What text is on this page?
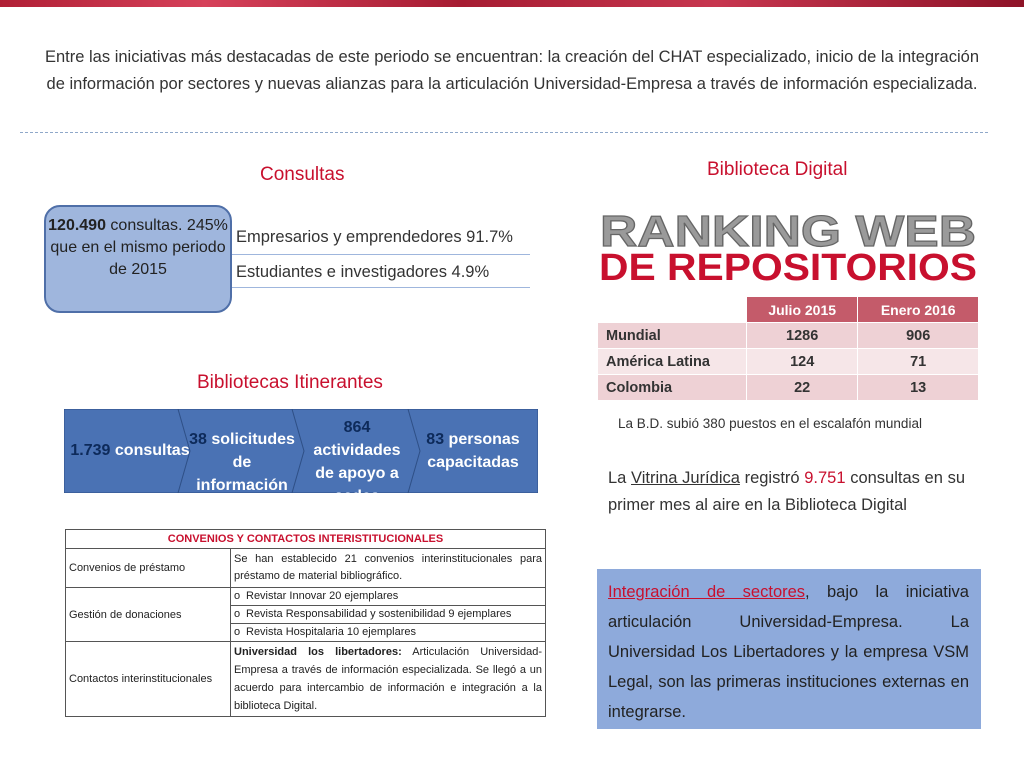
Entre las iniciativas más destacadas de este periodo se encuentran: la creación del CHAT especializado, inicio de la integración de información por sectores y nuevas alianzas para la articulación Universidad-Empresa a través de información especializada.
Consultas
120.490 consultas. 245% que en el mismo periodo de 2015
Empresarios y emprendedores 91.7%
Estudiantes e investigadores 4.9%
Bibliotecas Itinerantes
1.739 consultas
38 solicitudes de información
864 actividades de apoyo a sedes
83 personas capacitadas
CONVENIOS Y CONTACTOS INTERISTITUCIONALES	
Convenios de préstamo	Se han establecido 21 convenios interinstitucionales para préstamo de material bibliográfico.
Gestión de donaciones	o Revistar Innovar 20 ejemplares
o Revista Responsabilidad y sostenibilidad 9 ejemplares
o Revista Hospitalaria 10 ejemplares

Contactos interinstitucionales	Universidad los libertadores: Articulación Universidad-Empresa a través de información especializada. Se llegó a un acuerdo para intercambio de información e integración a la biblioteca Digital.
Biblioteca Digital
RANKING WEB
DE REPOSITORIOS
	Julio 2015	Enero 2016
Mundial	1286	906
América Latina	124	71
Colombia	22	13
La B.D. subió 380 puestos en el escalafón mundial
La Vitrina Jurídica registró 9.751 consultas en su primer mes al aire en la Biblioteca Digital
Integración de sectores, bajo la iniciativa articulación Universidad-Empresa. La Universidad Los Libertadores y la empresa VSM Legal, son las primeras instituciones externas en integrarse.
